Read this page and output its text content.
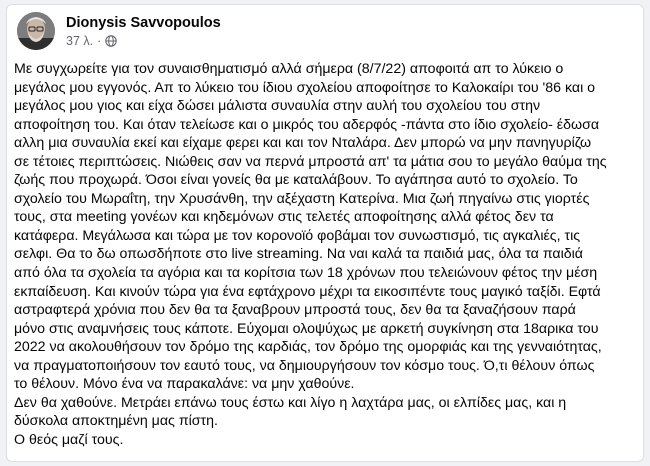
Dionysis Savvopoulos
37 λ. ·

Με συγχωρείτε για τον συναισθηματισμό αλλά σήμερα (8/7/22) αποφοιτά απ το λύκειο ο

μεγάλος μου εγγονός. Απ το λύκειο του ίδιου σχολείου αποφοίτησε το Καλοκαίρι του '86 και ο

μεγάλος μου γιος και είχα δώσει μάλιστα συναυλία στην αυλή του σχολείου του στην

αποφοίτηση του. Και όταν τελείωσε και ο μικρός του αδερφός -πάντα στο ίδιο σχολείο- έδωσα

αλλη μια συναυλία εκεί και είχαμε φερει και και τον Νταλάρα. Δεν μπορώ να μην πανηγυρίζω

σε τέτοιες περιπτώσεις. Νιώθεις σαν να περνά μπροστά απ' τα μάτια σου το μεγάλο θαύμα της

ζωής που προχωρά. Όσοι είναι γονείς θα με καταλάβουν. Το αγάπησα αυτό το σχολείο. Το

σχολείο του Μωραΐτη, την Χρυσάνθη, την αξέχαστη Κατερίνα. Μια ζωή πηγαίνω στις γιορτές

τους, στα meeting γονέων και κηδεμόνων στις τελετές αποφοίτησης αλλά φέτος δεν τα

κατάφερα. Μεγάλωσα και τώρα με τον κορονοϊό φοβάμαι τον συνωστισμό, τις αγκαλιές, τις

σελφι. Θα το δω οπωσδήποτε στο live streaming. Να ναι καλά τα παιδιά μας, όλα τα παιδιά

από όλα τα σχολεία τα αγόρια και τα κορίτσια των 18 χρόνων που τελειώνουν φέτος την μέση

εκπαίδευση. Και κινούν τώρα για ένα εφτάχρονο μέχρι τα εικοσιπέντε τους μαγικό ταξίδι. Εφτά

αστραφτερά χρόνια που δεν θα τα ξαναβρουν μπροστά τους, δεν θα τα ξαναζήσουν παρά

μόνο στις αναμνήσεις τους κάποτε. Εύχομαι ολοψύχως με αρκετή συγκίνηση στα 18αρικα του

2022 να ακολουθήσουν τον δρόμο της καρδιάς, τον δρόμο της ομορφιάς και της γενναιότητας,

να πραγματοποιήσουν τον εαυτό τους, να δημιουργήσουν τον κόσμο τους. Ό,τι θέλουν όπως

το θέλουν. Μόνο ένα να παρακαλάνε: να μην χαθούνε.

Δεν θα χαθούνε. Μετράει επάνω τους έστω και λίγο η λαχτάρα μας, οι ελπίδες μας, και η

δύσκολα αποκτημένη μας πίστη.

Ο θεός μαζί τους.
